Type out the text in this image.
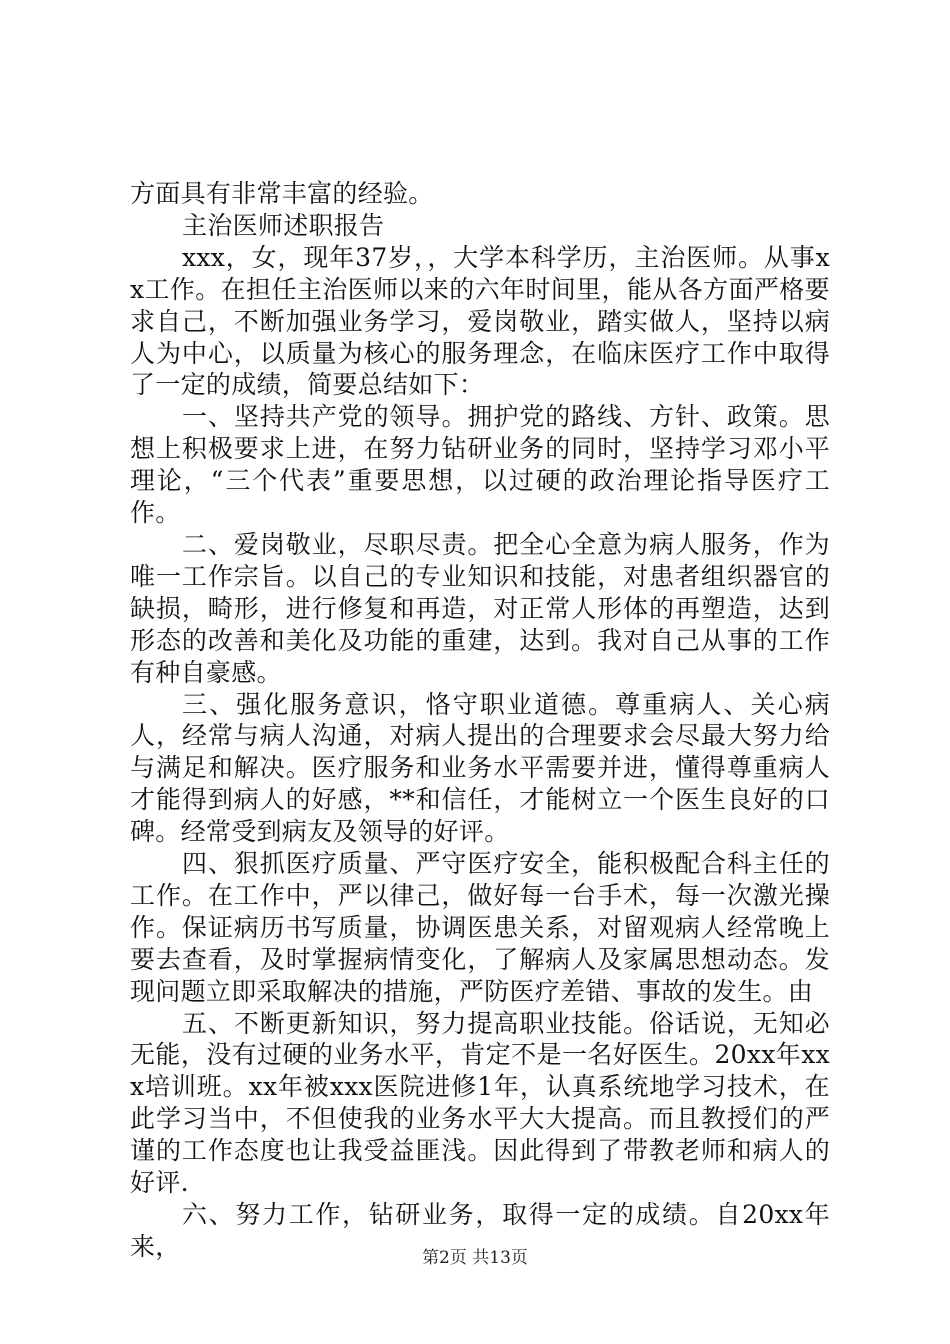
方面具有非常丰富的经验。

主治医师述职报告

xxx，女，现年37岁，，大学本科学历，主治医师。从事xx工作。在担任主治医师以来的六年时间里，能从各方面严格要求自己，不断加强业务学习，爱岗敬业，踏实做人，坚持以病人为中心，以质量为核心的服务理念，在临床医疗工作中取得了一定的成绩，简要总结如下：

一、坚持共产党的领导。拥护党的路线、方针、政策。思想上积极要求上进，在努力钻研业务的同时，坚持学习邓小平理论，“三个代表”重要思想，以过硬的政治理论指导医疗工作。

二、爱岗敬业，尽职尽责。把全心全意为病人服务，作为唯一工作宗旨。以自己的专业知识和技能，对患者组织器官的缺损，畸形，进行修复和再造，对正常人形体的再塑造，达到形态的改善和美化及功能的重建，达到。我对自己从事的工作有种自豪感。

三、强化服务意识，恪守职业道德。尊重病人、关心病人，经常与病人沟通，对病人提出的合理要求会尽最大努力给与满足和解决。医疗服务和业务水平需要并进，懂得尊重病人才能得到病人的好感，**和信任，才能树立一个医生良好的口碑。经常受到病友及领导的好评。

四、狠抓医疗质量、严守医疗安全，能积极配合科主任的工作。在工作中，严以律己，做好每一台手术，每一次激光操作。保证病历书写质量，协调医患关系，对留观病人经常晚上要去查看，及时掌握病情变化，了解病人及家属思想动态。发现问题立即采取解决的措施，严防医疗差错、事故的发生。由

五、不断更新知识，努力提高职业技能。俗话说，无知必无能，没有过硬的业务水平，肯定不是一名好医生。20xx年xxx培训班。xx年被xxx医院进修1年，认真系统地学习技术，在此学习当中，不但使我的业务水平大大提高。而且教授们的严谨的工作态度也让我受益匪浅。因此得到了带教老师和病人的好评.

六、努力工作，钻研业务，取得一定的成绩。自20xx年来，	第2页 共13页
